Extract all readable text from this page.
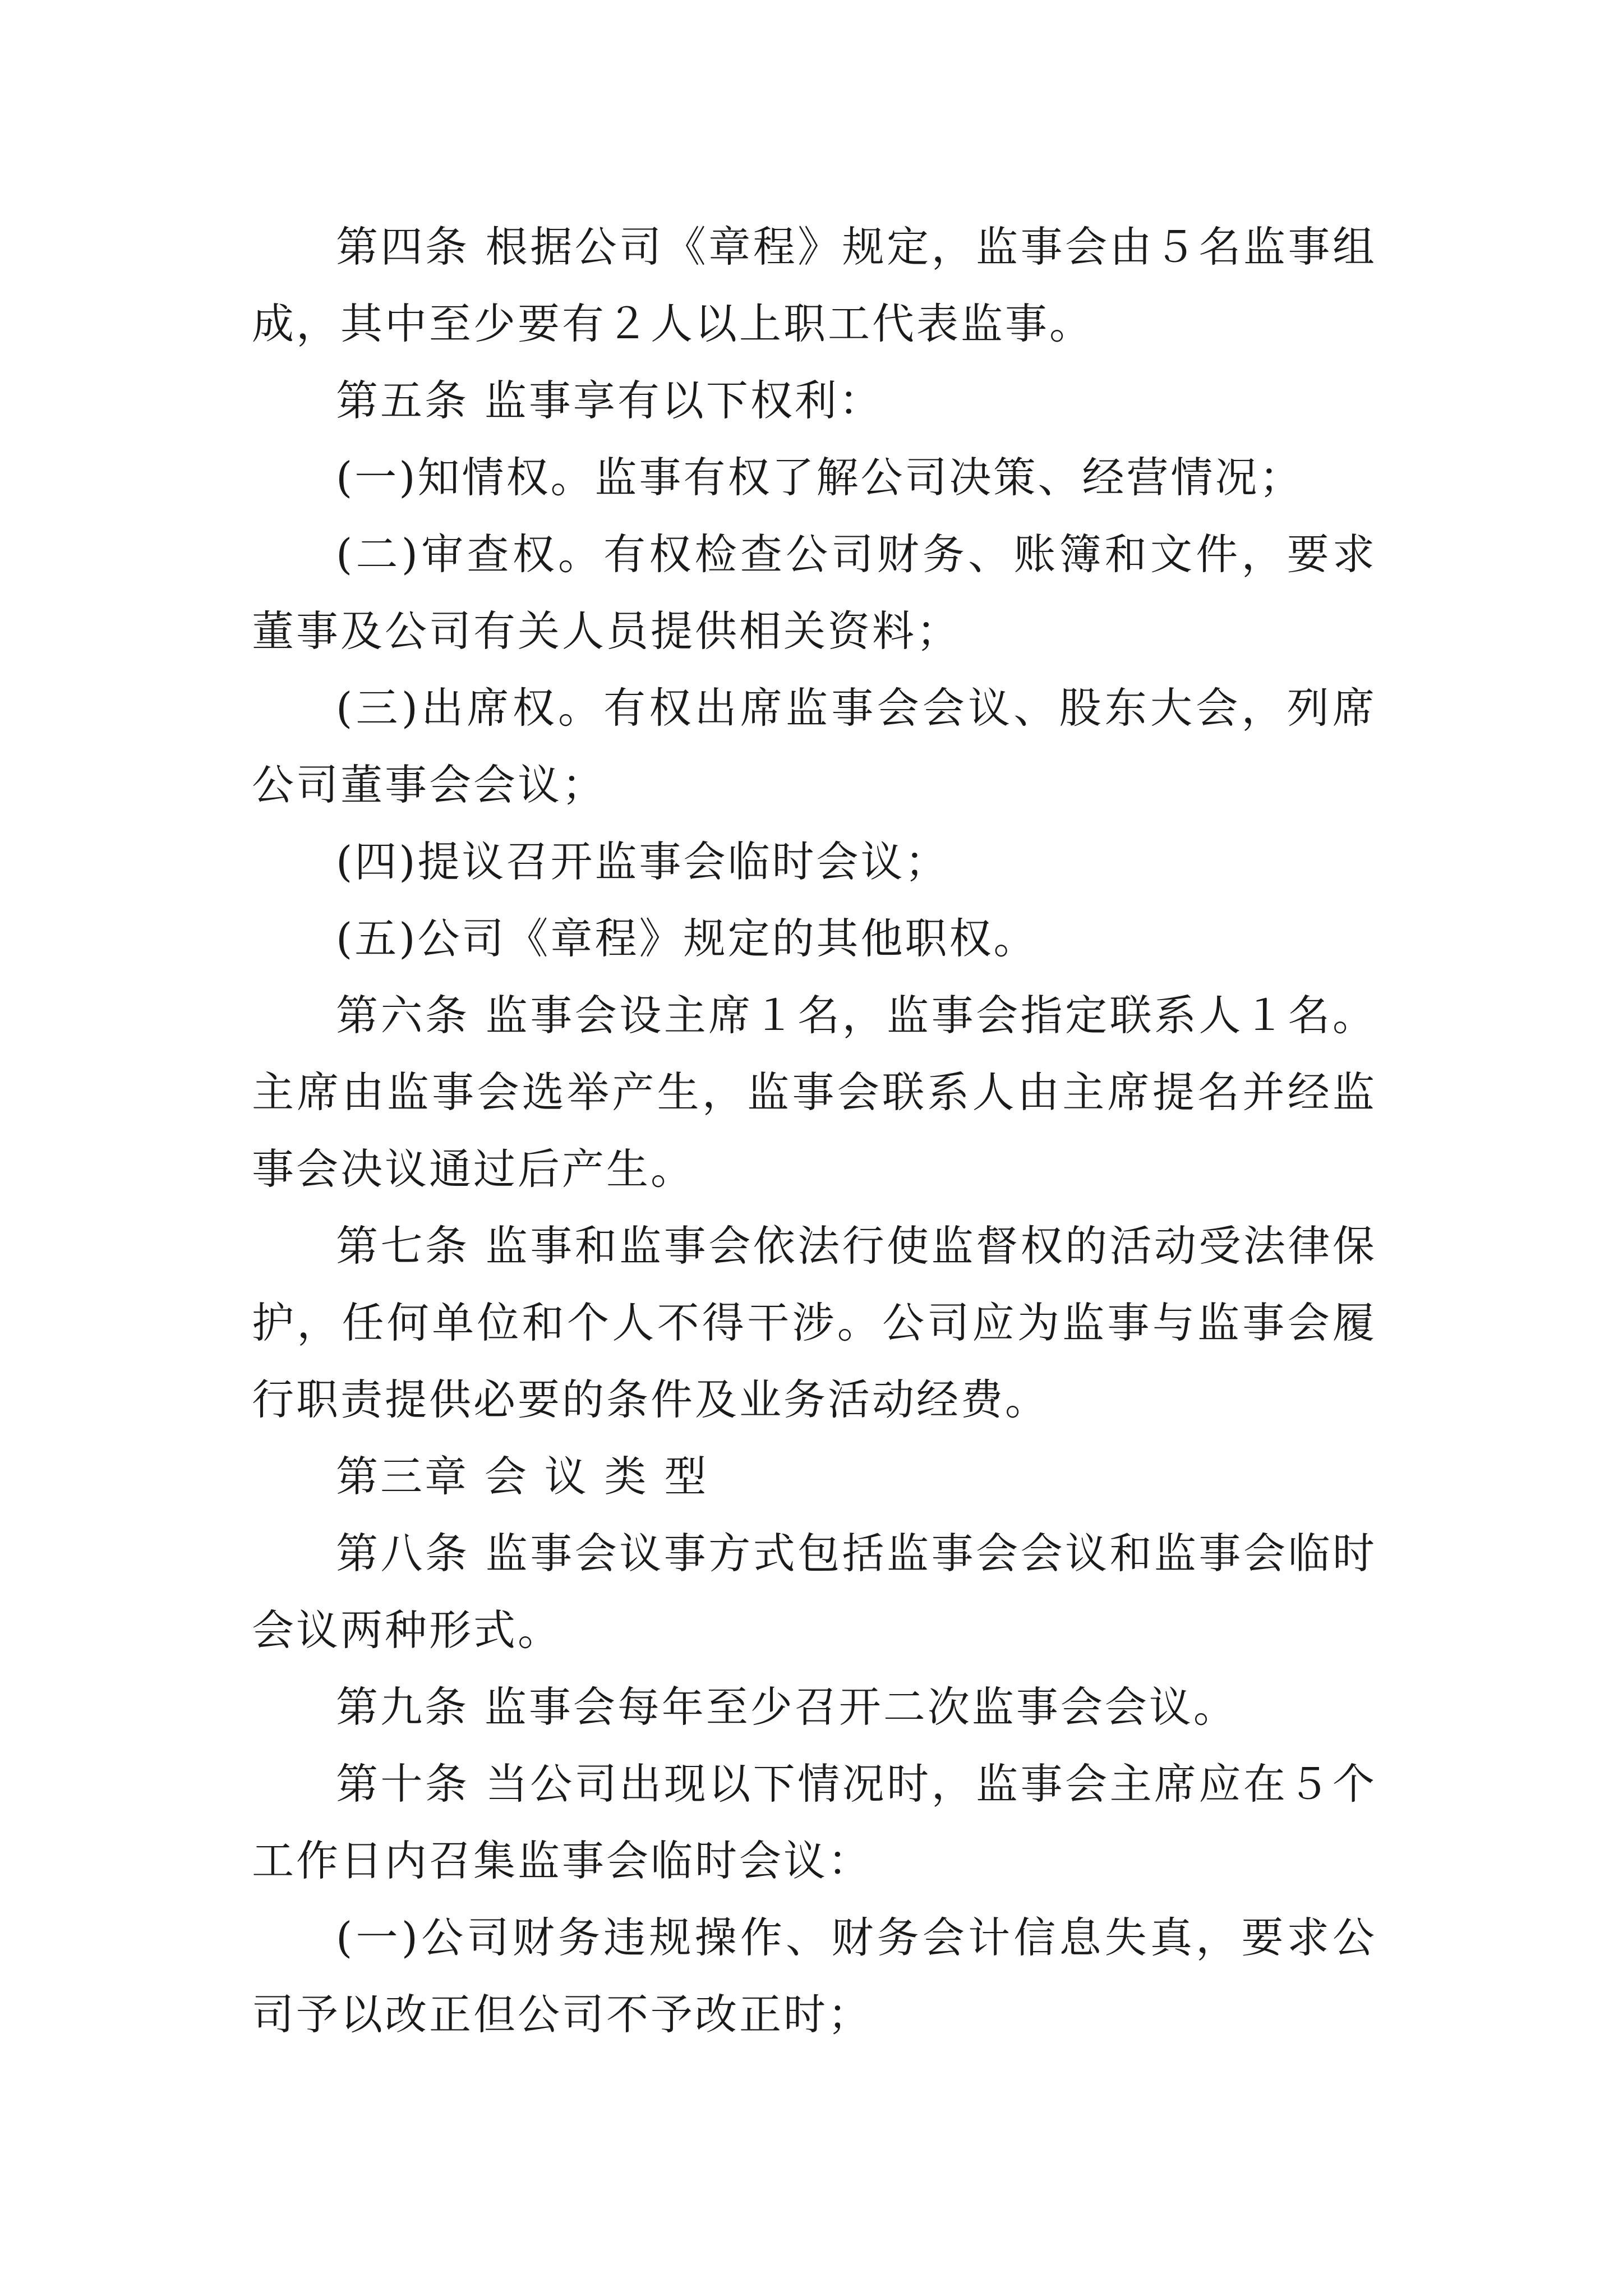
第四条 根据公司《章程》规定，监事会由５名监事组成，其中至少要有２人以上职工代表监事。

第五条 监事享有以下权利：

(一)知情权。监事有权了解公司决策、经营情况；

(二)审查权。有权检查公司财务、账簿和文件，要求董事及公司有关人员提供相关资料；

(三)出席权。有权出席监事会会议、股东大会，列席公司董事会会议；

(四)提议召开监事会临时会议；

(五)公司《章程》规定的其他职权。

第六条 监事会设主席１名，监事会指定联系人１名。主席由监事会选举产生，监事会联系人由主席提名并经监事会决议通过后产生。

第七条 监事和监事会依法行使监督权的活动受法律保护，任何单位和个人不得干涉。公司应为监事与监事会履行职责提供必要的条件及业务活动经费。

第三章 会 议 类 型

第八条 监事会议事方式包括监事会会议和监事会临时会议两种形式。

第九条 监事会每年至少召开二次监事会会议。

第十条 当公司出现以下情况时，监事会主席应在５个工作日内召集监事会临时会议：

(一)公司财务违规操作、财务会计信息失真，要求公司予以改正但公司不予改正时；
